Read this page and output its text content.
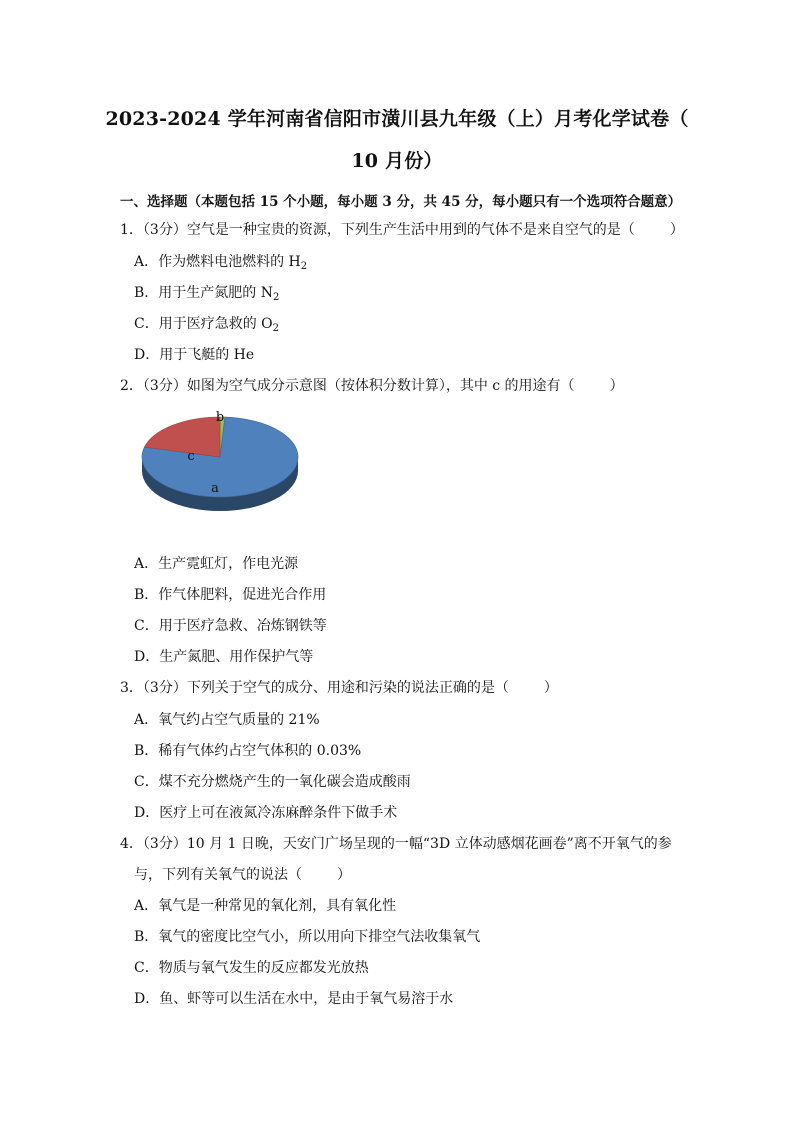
2023-2024 学年河南省信阳市潢川县九年级（上）月考化学试卷（
10 月份）
一、选择题（本题包括 15 个小题，每小题 3 分，共 45 分，每小题只有一个选项符合题意）
1．（3分）空气是一种宝贵的资源，下列生产生活中用到的气体不是来自空气的是（	）
A．作为燃料电池燃料的 $H_2$
B．用于生产氮肥的 $N_2$
C．用于医疗急救的 $O_2$
D．用于飞艇的 He
2．（3分）如图为空气成分示意图（按体积分数计算），其中 c 的用途有（	）
a
b
c
A．生产霓虹灯，作电光源
B．作气体肥料，促进光合作用
C．用于医疗急救、冶炼钢铁等
D．生产氮肥、用作保护气等
3．（3分）下列关于空气的成分、用途和污染的说法正确的是（	）
A．氧气约占空气质量的 21%
B．稀有气体约占空气体积的 0.03%
C．煤不充分燃烧产生的一氧化碳会造成酸雨
D．医疗上可在液氮冷冻麻醉条件下做手术
4．（3分）10 月 1 日晚，天安门广场呈现的一幅“3D 立体动感烟花画卷”离不开氧气的参
与，下列有关氧气的说法（	）
A．氧气是一种常见的氧化剂，具有氧化性
B．氧气的密度比空气小，所以用向下排空气法收集氧气
C．物质与氧气发生的反应都发光放热
D．鱼、虾等可以生活在水中，是由于氧气易溶于水
